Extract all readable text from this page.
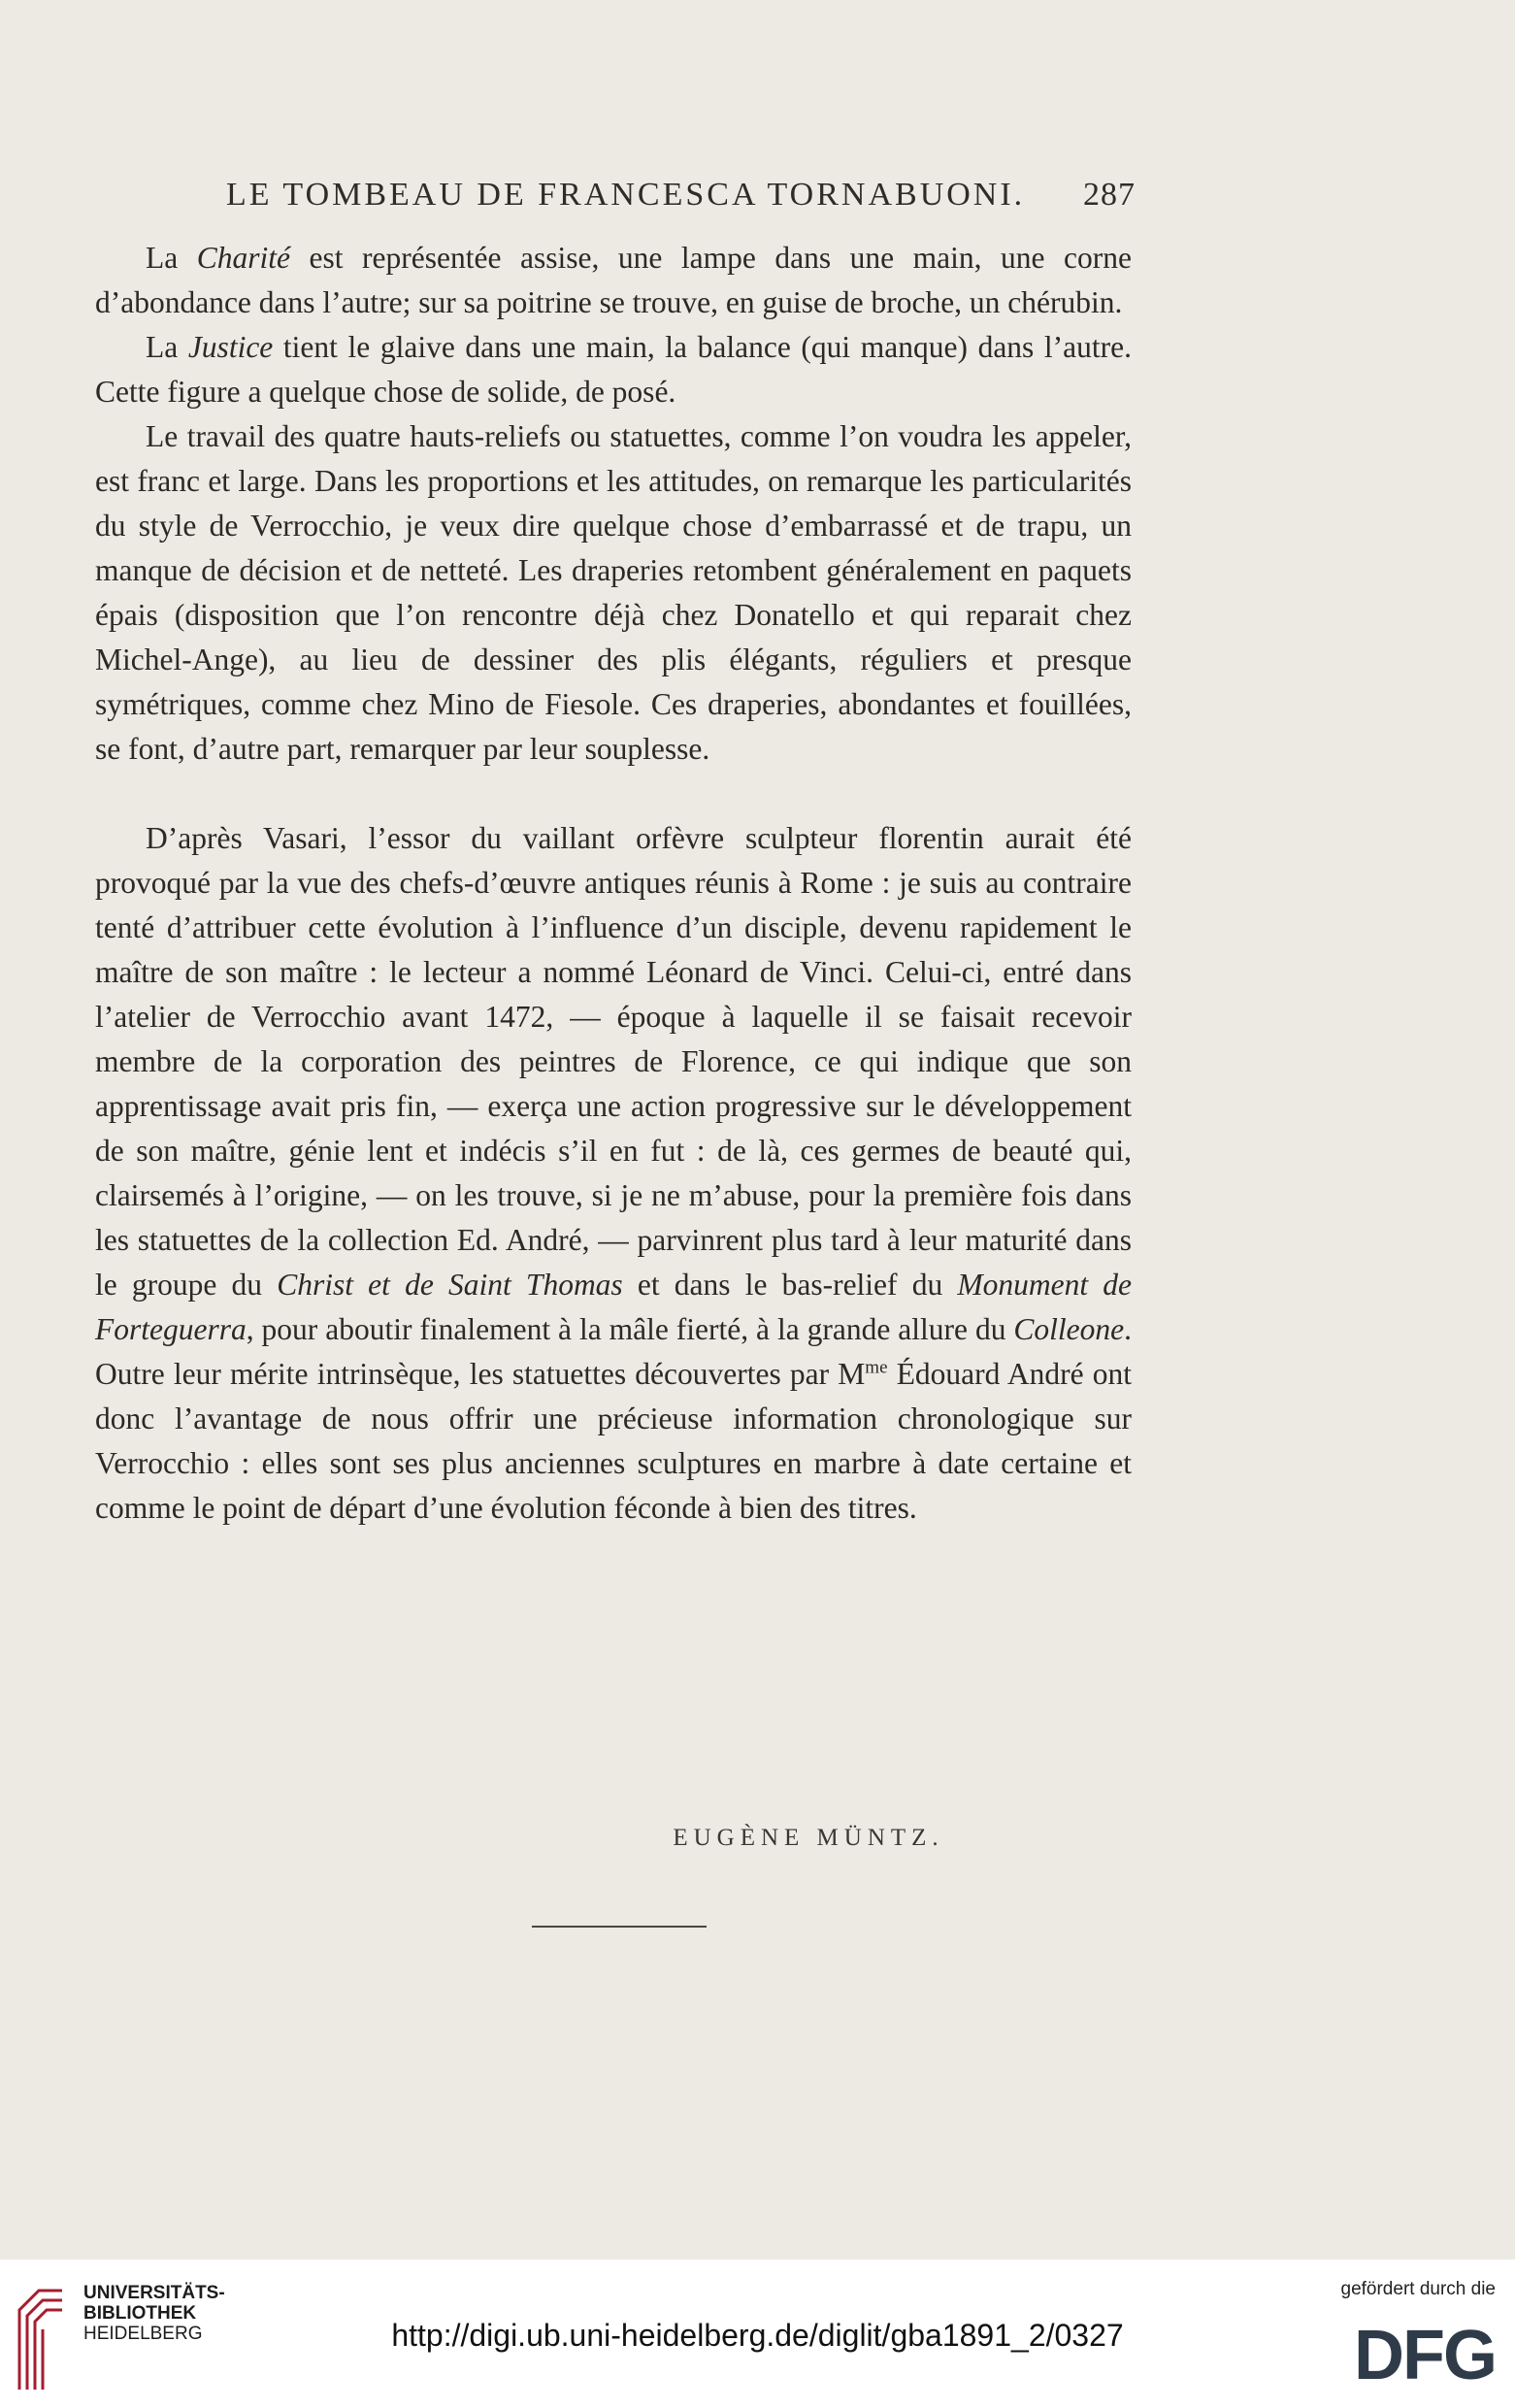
LE TOMBEAU DE FRANCESCA TORNABUONI. 287

La Charité est représentée assise, une lampe dans une main, une corne d’abondance dans l’autre; sur sa poitrine se trouve, en guise de broche, un chérubin.

La Justice tient le glaive dans une main, la balance (qui manque) dans l’autre. Cette figure a quelque chose de solide, de posé.

Le travail des quatre hauts-reliefs ou statuettes, comme l’on voudra les appeler, est franc et large. Dans les proportions et les attitudes, on remarque les particularités du style de Verrocchio, je veux dire quelque chose d’embarrassé et de trapu, un manque de décision et de netteté. Les draperies retombent généralement en paquets épais (disposition que l’on rencontre déjà chez Donatello et qui reparait chez Michel-Ange), au lieu de dessiner des plis élégants, réguliers et presque symétriques, comme chez Mino de Fiesole. Ces draperies, abondantes et fouillées, se font, d’autre part, remarquer par leur souplesse.

D’après Vasari, l’essor du vaillant orfèvre sculpteur florentin aurait été provoqué par la vue des chefs-d’œuvre antiques réunis à Rome : je suis au contraire tenté d’attribuer cette évolution à l’influence d’un disciple, devenu rapidement le maître de son maître : le lecteur a nommé Léonard de Vinci. Celui-ci, entré dans l’atelier de Verrocchio avant 1472, — époque à laquelle il se faisait recevoir membre de la corporation des peintres de Florence, ce qui indique que son apprentissage avait pris fin, — exerça une action progressive sur le développement de son maître, génie lent et indécis s’il en fut : de là, ces germes de beauté qui, clairsemés à l’origine, — on les trouve, si je ne m’abuse, pour la première fois dans les statuettes de la collection Ed. André, — parvinrent plus tard à leur maturité dans le groupe du Christ et de Saint Thomas et dans le bas-relief du Monument de Forteguerra, pour aboutir finalement à la mâle fierté, à la grande allure du Colleone. Outre leur mérite intrinsèque, les statuettes découvertes par $M^{me}$ Édouard André ont donc l’avantage de nous offrir une précieuse information chronologique sur Verrocchio : elles sont ses plus anciennes sculptures en marbre à date certaine et comme le point de départ d’une évolution féconde à bien des titres.

EUGÈNE MÜNTZ.
UNIVERSITÄTS-
BIBLIOTHEK
HEIDELBERG	http://digi.ub.uni-heidelberg.de/diglit/gba1891_2/0327
gefördert durch die
DFG
